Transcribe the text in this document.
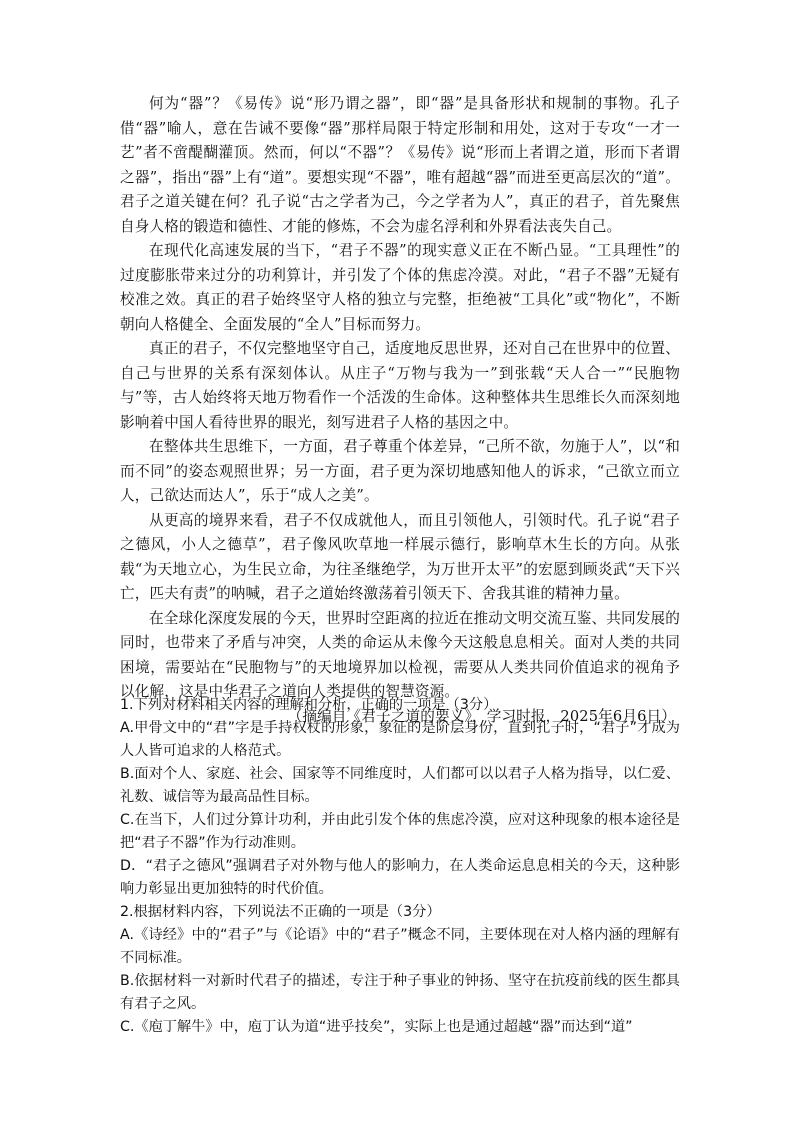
何为“器”？《易传》说“形乃谓之器”，即“器”是具备形状和规制的事物。孔子借“器”喻人，意在告诫不要像“器”那样局限于特定形制和用处，这对于专攻“一才一艺”者不啻醍醐灌顶。然而，何以“不器”？《易传》说“形而上者谓之道，形而下者谓之器”，指出“器”上有“道”。要想实现“不器”，唯有超越“器”而进至更高层次的“道”。君子之道关键在何？孔子说“古之学者为己，今之学者为人”，真正的君子，首先聚焦自身人格的锻造和德性、才能的修炼，不会为虚名浮利和外界看法丧失自己。

在现代化高速发展的当下，“君子不器”的现实意义正在不断凸显。“工具理性”的过度膨胀带来过分的功利算计，并引发了个体的焦虑冷漠。对此，“君子不器”无疑有校准之效。真正的君子始终坚守人格的独立与完整，拒绝被“工具化”或“物化”，不断朝向人格健全、全面发展的“全人”目标而努力。

真正的君子，不仅完整地坚守自己，适度地反思世界，还对自己在世界中的位置、自己与世界的关系有深刻体认。从庄子“万物与我为一”到张载“天人合一”“民胞物与”等，古人始终将天地万物看作一个活泼的生命体。这种整体共生思维长久而深刻地影响着中国人看待世界的眼光，刻写进君子人格的基因之中。

在整体共生思维下，一方面，君子尊重个体差异，“己所不欲，勿施于人”，以“和而不同”的姿态观照世界；另一方面，君子更为深切地感知他人的诉求，“己欲立而立人，己欲达而达人”，乐于“成人之美”。

从更高的境界来看，君子不仅成就他人，而且引领他人，引领时代。孔子说“君子之德风，小人之德草”，君子像风吹草地一样展示德行，影响草木生长的方向。从张载“为天地立心，为生民立命，为往圣继绝学，为万世开太平”的宏愿到顾炎武“天下兴亡，匹夫有责”的呐喊，君子之道始终激荡着引领天下、舍我其谁的精神力量。

在全球化深度发展的今天，世界时空距离的拉近在推动文明交流互鉴、共同发展的同时，也带来了矛盾与冲突，人类的命运从未像今天这般息息相关。面对人类的共同困境，需要站在“民胞物与”的天地境界加以检视，需要从人类共同价值追求的视角予以化解，这是中华君子之道向人类提供的智慧资源。

（摘编自《君子之道的要义》，学习时报，2025年6月6日）
1.下列对材料相关内容的理解和分析，正确的一项是（3分）
A.甲骨文中的“君”字是手持权杖的形象，象征的是阶层身份，直到孔子时，“君子”才成为人人皆可追求的人格范式。
B.面对个人、家庭、社会、国家等不同维度时，人们都可以以君子人格为指导，以仁爱、礼数、诚信等为最高品性目标。
C.在当下，人们过分算计功利，并由此引发个体的焦虑冷漠，应对这种现象的根本途径是把“君子不器”作为行动准则。
D．“君子之德风”强调君子对外物与他人的影响力，在人类命运息息相关的今天，这种影响力彰显出更加独特的时代价值。
2.根据材料内容，下列说法不正确的一项是（3分）
A.《诗经》中的“君子”与《论语》中的“君子”概念不同，主要体现在对人格内涵的理解有不同标准。
B.依据材料一对新时代君子的描述，专注于种子事业的钟扬、坚守在抗疫前线的医生都具有君子之风。
C.《庖丁解牛》中，庖丁认为道“进乎技矣”，实际上也是通过超越“器”而达到“道”
